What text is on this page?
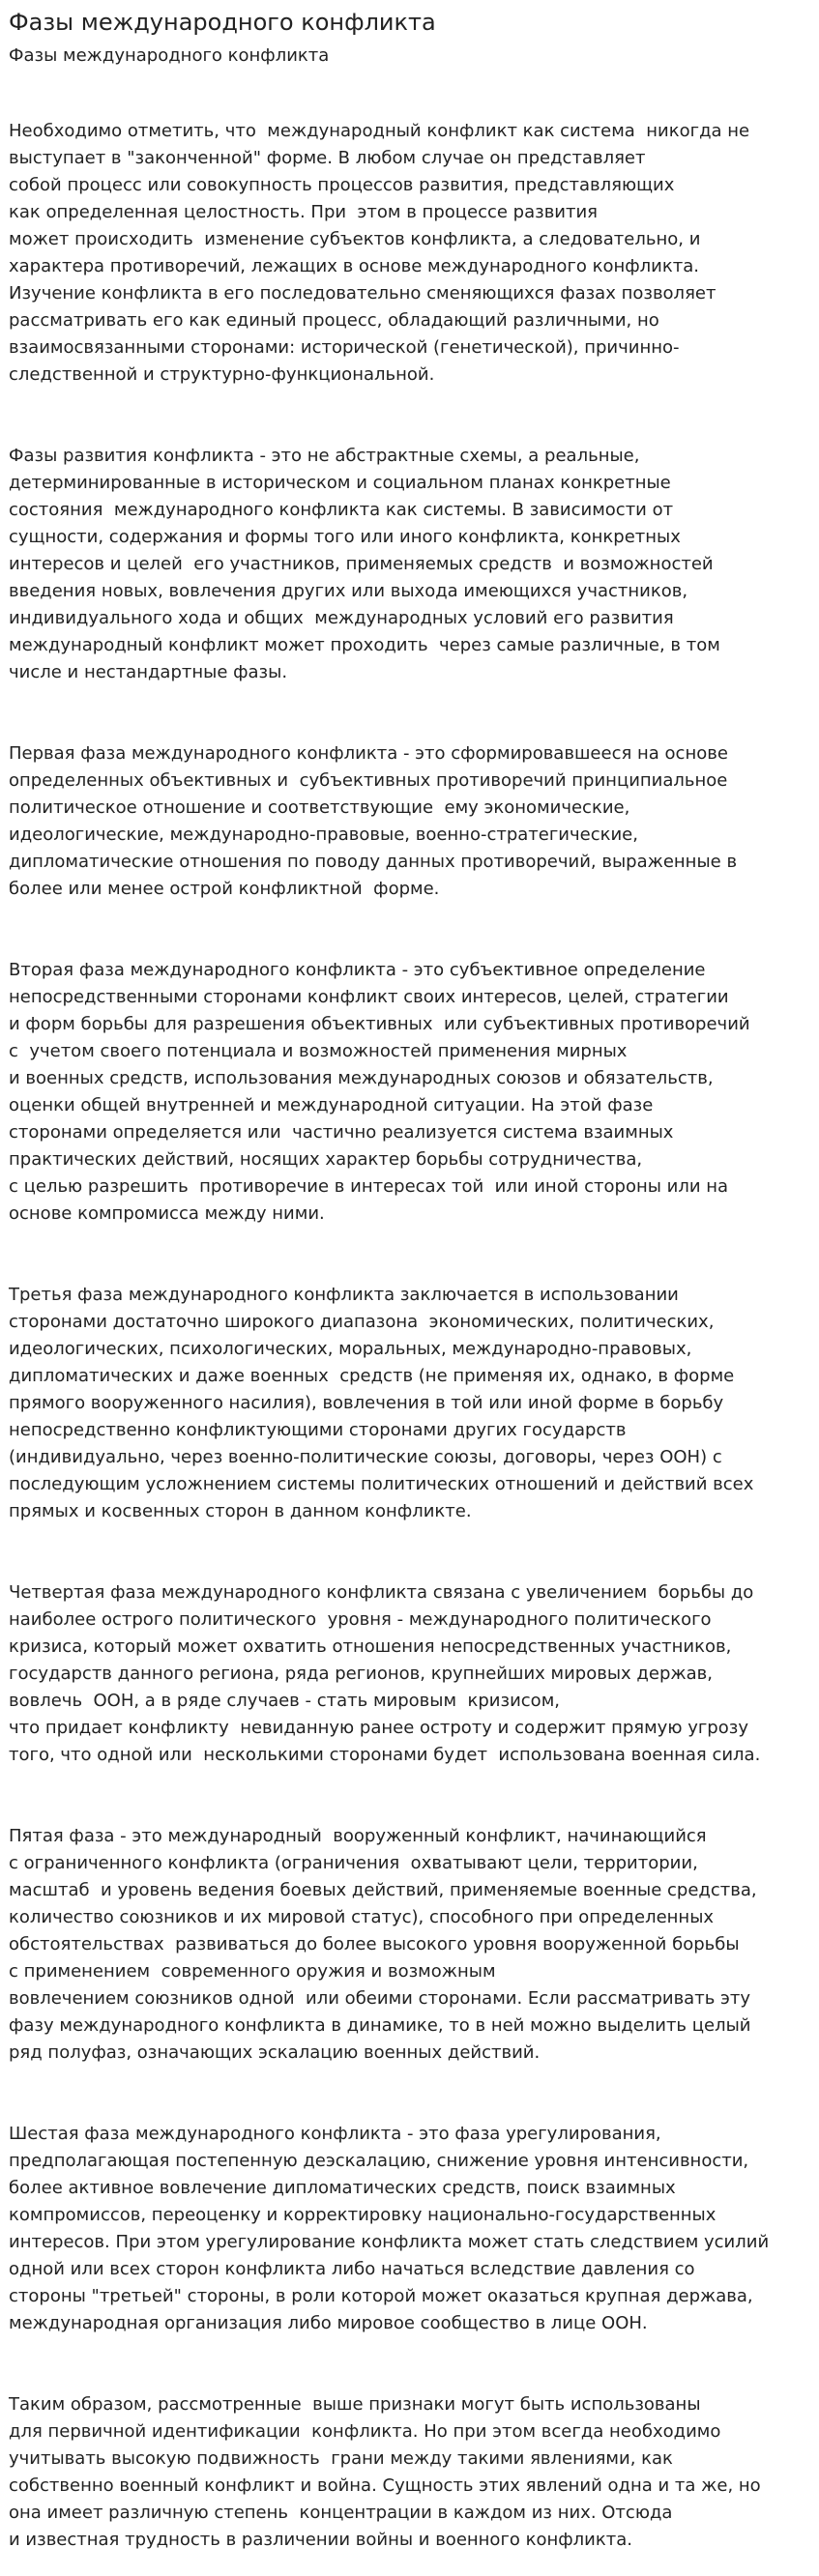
Фазы международного конфликта
Фазы международного конфликта

Необходимо отметить, что  международный конфликт как система  никогда не
выступает в "законченной" форме. В любом случае он представляет
собой процесс или совокупность процессов развития, представляющих
как определенная целостность. При  этом в процессе развития
может происходить  изменение субъектов конфликта, а следовательно, и
характера противоречий, лежащих в основе международного конфликта.
Изучение конфликта в его последовательно сменяющихся фазах позволяет
рассматривать его как единый процесс, обладающий различными, но
взаимосвязанными сторонами: исторической (генетической), причинно-
следственной и структурно-функциональной.

Фазы развития конфликта - это не абстрактные схемы, а реальные,
детерминированные в историческом и социальном планах конкретные
состояния  международного конфликта как системы. В зависимости от
сущности, содержания и формы того или иного конфликта, конкретных
интересов и целей  его участников, применяемых средств  и возможностей
введения новых, вовлечения других или выхода имеющихся участников,
индивидуального хода и общих  международных условий его развития
международный конфликт может проходить  через самые различные, в том
числе и нестандартные фазы.

Первая фаза международного конфликта - это сформировавшееся на основе
определенных объективных и  субъективных противоречий принципиальное
политическое отношение и соответствующие  ему экономические,
идеологические, международно-правовые, военно-стратегические,
дипломатические отношения по поводу данных противоречий, выраженные в
более или менее острой конфликтной  форме.

Вторая фаза международного конфликта - это субъективное определение
непосредственными сторонами конфликт своих интересов, целей, стратегии
и форм борьбы для разрешения объективных  или субъективных противоречий
с  учетом своего потенциала и возможностей применения мирных
и военных средств, использования международных союзов и обязательств,
оценки общей внутренней и международной ситуации. На этой фазе
сторонами определяется или  частично реализуется система взаимных
практических действий, носящих характер борьбы сотрудничества,
с целью разрешить  противоречие в интересах той  или иной стороны или на
основе компромисса между ними.

Третья фаза международного конфликта заключается в использовании
сторонами достаточно широкого диапазона  экономических, политических,
идеологических, психологических, моральных, международно-правовых,
дипломатических и даже военных  средств (не применяя их, однако, в форме
прямого вооруженного насилия), вовлечения в той или иной форме в борьбу
непосредственно конфликтующими сторонами других государств
(индивидуально, через военно-политические союзы, договоры, через ООН) с
последующим усложнением системы политических отношений и действий всех
прямых и косвенных сторон в данном конфликте.

Четвертая фаза международного конфликта связана с увеличением  борьбы до
наиболее острого политического  уровня - международного политического
кризиса, который может охватить отношения непосредственных участников,
государств данного региона, ряда регионов, крупнейших мировых держав,
вовлечь  ООН, а в ряде случаев - стать мировым  кризисом,
что придает конфликту  невиданную ранее остроту и содержит прямую угрозу
того, что одной или  несколькими сторонами будет  использована военная сила.

Пятая фаза - это международный  вооруженный конфликт, начинающийся
с ограниченного конфликта (ограничения  охватывают цели, территории,
масштаб  и уровень ведения боевых действий, применяемые военные средства,
количество союзников и их мировой статус), способного при определенных
обстоятельствах  развиваться до более высокого уровня вооруженной борьбы
с применением  современного оружия и возможным
вовлечением союзников одной  или обеими сторонами. Если рассматривать эту
фазу международного конфликта в динамике, то в ней можно выделить целый
ряд полуфаз, означающих эскалацию военных действий.

Шестая фаза международного конфликта - это фаза урегулирования,
предполагающая постепенную деэскалацию, снижение уровня интенсивности,
более активное вовлечение дипломатических средств, поиск взаимных
компромиссов, переоценку и корректировку национально-государственных
интересов. При этом урегулирование конфликта может стать следствием усилий
одной или всех сторон конфликта либо начаться вследствие давления со
стороны "третьей" стороны, в роли которой может оказаться крупная держава,
международная организация либо мировое сообщество в лице ООН.

Таким образом, рассмотренные  выше признаки могут быть использованы
для первичной идентификации  конфликта. Но при этом всегда необходимо
учитывать высокую подвижность  грани между такими явлениями, как
собственно военный конфликт и война. Сущность этих явлений одна и та же, но
она имеет различную степень  концентрации в каждом из них. Отсюда
и известная трудность в различении войны и военного конфликта.
